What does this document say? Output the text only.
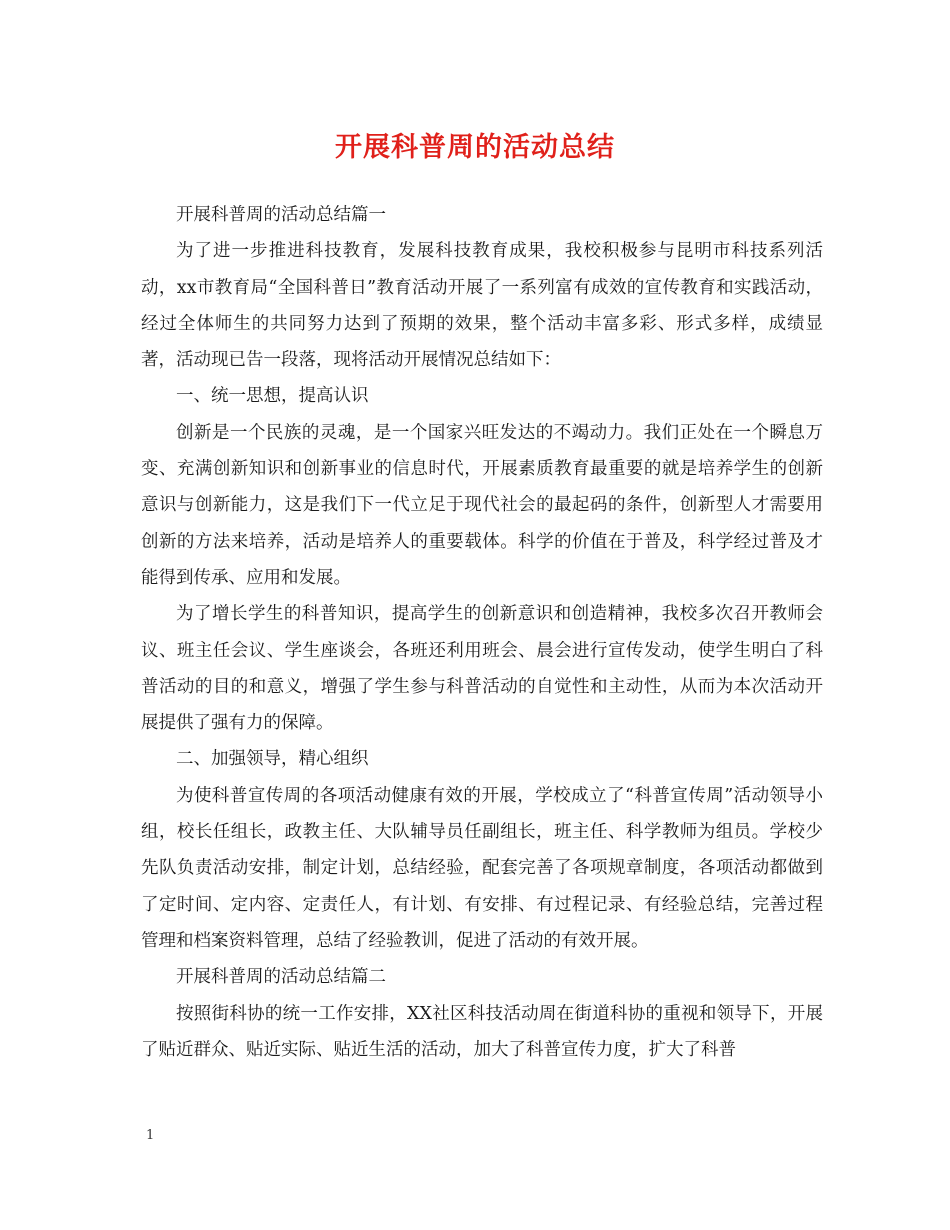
开展科普周的活动总结

开展科普周的活动总结篇一

为了进一步推进科技教育，发展科技教育成果，我校积极参与昆明市科技系列活动，xx市教育局“全国科普日”教育活动开展了一系列富有成效的宣传教育和实践活动，经过全体师生的共同努力达到了预期的效果，整个活动丰富多彩、形式多样，成绩显著，活动现已告一段落，现将活动开展情况总结如下：

一、统一思想，提高认识

创新是一个民族的灵魂，是一个国家兴旺发达的不竭动力。我们正处在一个瞬息万变、充满创新知识和创新事业的信息时代，开展素质教育最重要的就是培养学生的创新意识与创新能力，这是我们下一代立足于现代社会的最起码的条件，创新型人才需要用创新的方法来培养，活动是培养人的重要载体。科学的价值在于普及，科学经过普及才能得到传承、应用和发展。

为了增长学生的科普知识，提高学生的创新意识和创造精神，我校多次召开教师会议、班主任会议、学生座谈会，各班还利用班会、晨会进行宣传发动，使学生明白了科普活动的目的和意义，增强了学生参与科普活动的自觉性和主动性，从而为本次活动开展提供了强有力的保障。

二、加强领导，精心组织

为使科普宣传周的各项活动健康有效的开展，学校成立了“科普宣传周”活动领导小组，校长任组长，政教主任、大队辅导员任副组长，班主任、科学教师为组员。学校少先队负责活动安排，制定计划，总结经验，配套完善了各项规章制度，各项活动都做到了定时间、定内容、定责任人，有计划、有安排、有过程记录、有经验总结，完善过程管理和档案资料管理，总结了经验教训，促进了活动的有效开展。

开展科普周的活动总结篇二

按照街科协的统一工作安排，XX社区科技活动周在街道科协的重视和领导下，开展了贴近群众、贴近实际、贴近生活的活动，加大了科普宣传力度，扩大了科普

1
